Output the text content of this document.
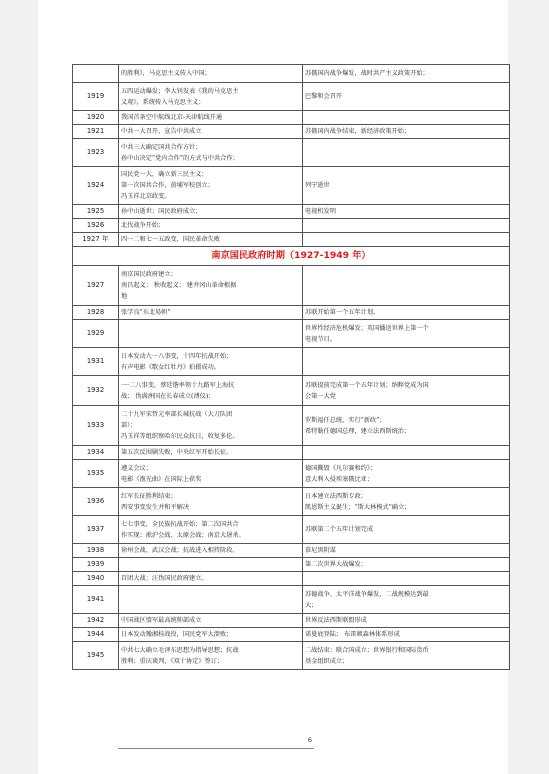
	的胜利》，马克思主义传入中国；	苏俄国内战争爆发，战时共产主义政策开始；
1919	五四运动爆发；李大钊发表《我的马克思主
义观》，系统传入马克思主义；	巴黎和会召开
1920	我国首条空中航线北京-天津航线开通	
1921	中共一大召开，宣告中共成立	苏俄国内战争结束，新经济政策开始；
1923	中共三大确定国共合作方针；
孙中山决定“党内合作”的方式与中共合作；	
1924	国民党一大，确立新三民主义；
第一次国共合作，黄埔军校创立；
冯玉祥北京政变。	列宁逝世
1925	孙中山逝世；国民政府成立；	电视机发明
1926	北伐战争开始；	
1927 年	四一二和七一五政变，国民革命失败	
南京国民政府时期（1927-1949 年）		
1927	南京国民政府建立；
南昌起义； 秋收起义； 建井冈山革命根据
地	
1928	张学良“东北易帜”	苏联开始第一个五年计划。
1929		世界性经济危机爆发；英国播送世界上第一个
电视节目。
1931	日本发动九一八事变，十四年抗战开始；
有声电影《歌女红牡丹》拍摄成功。	
1932	一·二八事变，蔡廷锴率领十九路军上海抗
战； 伪满洲国在长春成立(溥仪)；	苏联提前完成第一个五年计划；纳粹党成为国
会第一大党
1933	二十九军宋哲元率部长城抗战（大刀队团
部）；
冯玉祥等组织察哈尔民众抗日，收复多伦。	罗斯福任总统，实行“新政”；
希特勒任德国总理，建立法西斯统治；
1934	第五次反围剿失败，中央红军开始长征。	
1935	遵义会议；
电影《渔光曲》在国际上获奖	德国撕毁《凡尔赛和约》；
意大利入侵埃塞俄比亚；
1936	红军长征胜利结束；
西安事变发生并和平解决	日本建立法西斯专政；
凯恩斯主义诞生；“斯大林模式”确立；
1937	七七事变，全民族抗战开始；第二次国共合
作实现；淞沪会战、太原会战；南京大屠杀。	苏联第二个五年计划完成
1938	徐州会战、武汉会战；抗战进入相持阶段。	慕尼黑阴谋
1939		第二次世界大战爆发；
1940	百团大战；汪伪国民政府建立。	
1941		苏德战争、太平洋战争爆发，二战规模达到最
大；
1942	中国战区盟军最高统帅部成立	世界反法西斯联盟形成
1944	日本发动豫湘桂战役，国民党军大溃败；	诺曼底登陆； 布雷顿森林体系形成
1945	中共七大确立毛泽东思想为指导思想；抗战
胜利；重庆谈判，《双十协定》签订；	二战结束；联合国成立；世界银行和国际货币
基金组织成立；
6
